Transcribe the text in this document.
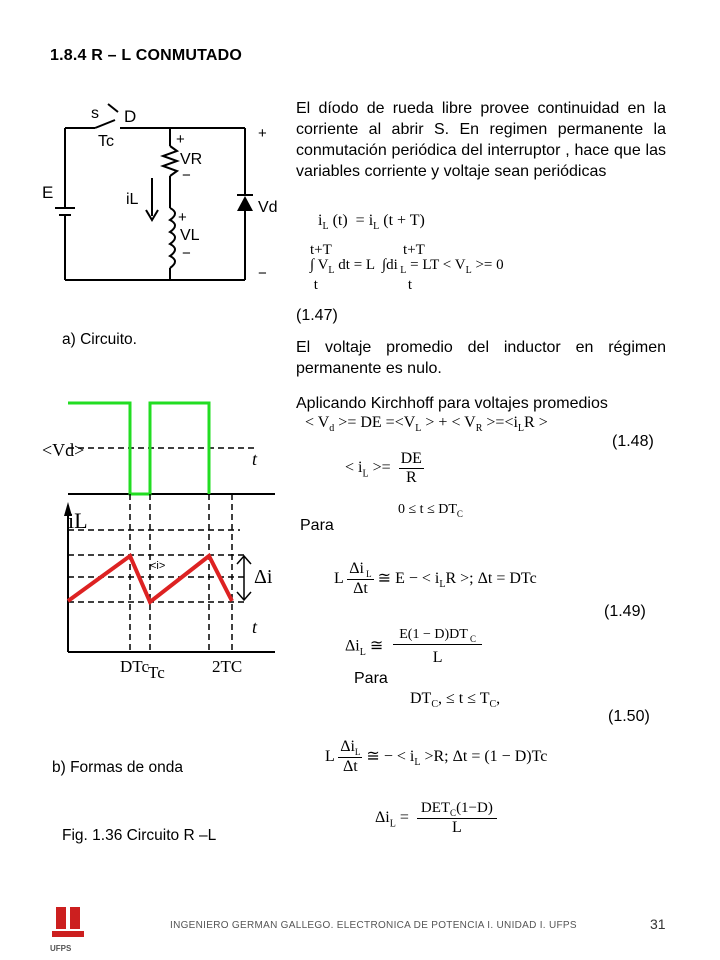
1.8.4 R – L CONMUTADO
s D
Tc
E	iL
+
VR
−
+
VL
−
+
Vd
−
a) Circuito.
<Vd>	t
iL
<i>	Δi
t
DTc
Tc	2TC
b) Formas de onda
Fig. 1.36 Circuito R –L
El díodo de rueda libre provee continuidad en la corriente al abrir S. En regimen permanente la conmutación periódica del interruptor , hace que las variables corriente y voltaje sean periódicas
$i_L$ $(t) = i_L$ (t + T)
t+T                   t+T
∫ $V_L$ dt = L  ∫di $_L$ = LT < $V_L >= 0$
t                        t
(1.47)
El voltaje promedio del inductor en régimen permanente es nulo.
Aplicando Kirchhoff para voltajes promedios
< $V_d$ >= DE $=<V_L$ > + < $V_R >=<i_LR$ >
(1.48)
< $i_L >= \frac{DE}{R}$
$0 \le t \le DT_C$
Para
L $\frac{\Delta i _L}{\Delta t}$ ≅ E − < $i_LR$ >; Δt = DTc
(1.49)
$\Delta i_L$ ≅ $\frac{E(1 - D)DT _C}{L}$
Para
$DT_C$, ≤ $t \le T_C$,
(1.50)
L
$\Delta i_L$
Δt
≅ − < $i_L >R$; Δt = (1 − D)Tc
$\Delta i_L$ =
$DET_C(1-D)$
L
UFPS
INGENIERO GERMAN GALLEGO. ELECTRONICA DE POTENCIA I. UNIDAD I. UFPS	31
